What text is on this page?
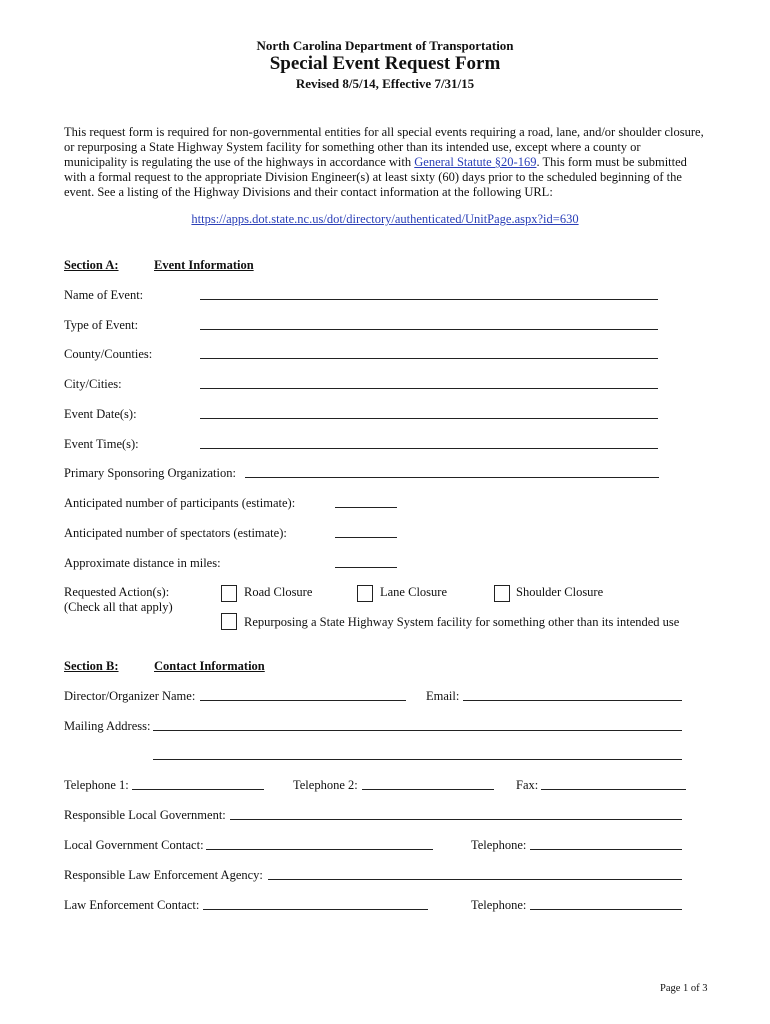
North Carolina Department of Transportation
Special Event Request Form
Revised 8/5/14, Effective 7/31/15
This request form is required for non-governmental entities for all special events requiring a road, lane, and/or shoulder closure, or repurposing a State Highway System facility for something other than its intended use, except where a county or municipality is regulating the use of the highways in accordance with General Statute §20-169. This form must be submitted with a formal request to the appropriate Division Engineer(s) at least sixty (60) days prior to the scheduled beginning of the event. See a listing of the Highway Divisions and their contact information at the following URL:
https://apps.dot.state.nc.us/dot/directory/authenticated/UnitPage.aspx?id=630
Section A:	Event Information
Name of Event:
Type of Event:
County/Counties:
City/Cities:
Event Date(s):
Event Time(s):
Primary Sponsoring Organization:
Anticipated number of participants (estimate):
Anticipated number of spectators (estimate):
Approximate distance in miles:
Requested Action(s):
(Check all that apply)
Road Closure	Lane Closure	Shoulder Closure
Repurposing a State Highway System facility for something other than its intended use
Section B:	Contact Information
Director/Organizer Name:	Email:
Mailing Address:
Telephone 1:	Telephone 2:	Fax:
Responsible Local Government:
Local Government Contact:	Telephone:
Responsible Law Enforcement Agency:
Law Enforcement Contact:	Telephone:
Page 1 of 3
